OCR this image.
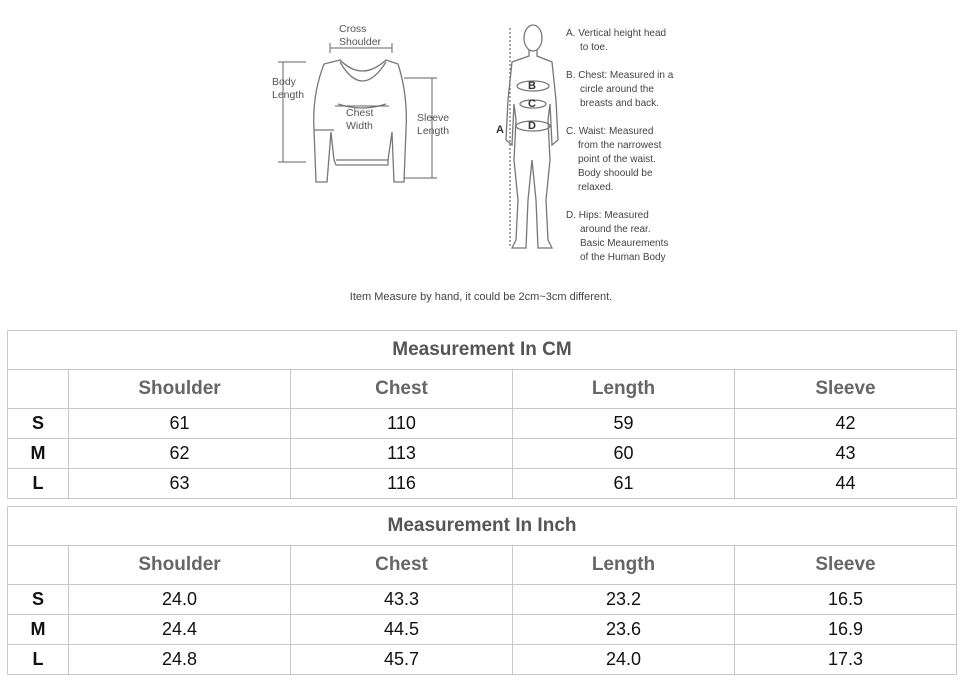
Cross
Shoulder
Body
Length
Chest
Width
Sleeve
Length
B
C
A D
A. Vertical height head
to toe.
B. Chest: Measured in a
circle around the
breasts and back.
C. Waist: Measured
from the narrowest
point of the waist.
Body shoould be
relaxed.
D. Hips: Measured
around the rear.
Basic Meaurements
of the Human Body
Item Measure by hand, it could be 2cm~3cm different.
Measurement In CM				
	Shoulder	Chest	Length	Sleeve
S	61	110	59	42
M	62	113	60	43
L	63	116	61	44
Measurement In Inch				
	Shoulder	Chest	Length	Sleeve
S	24.0	43.3	23.2	16.5
M	24.4	44.5	23.6	16.9
L	24.8	45.7	24.0	17.3
